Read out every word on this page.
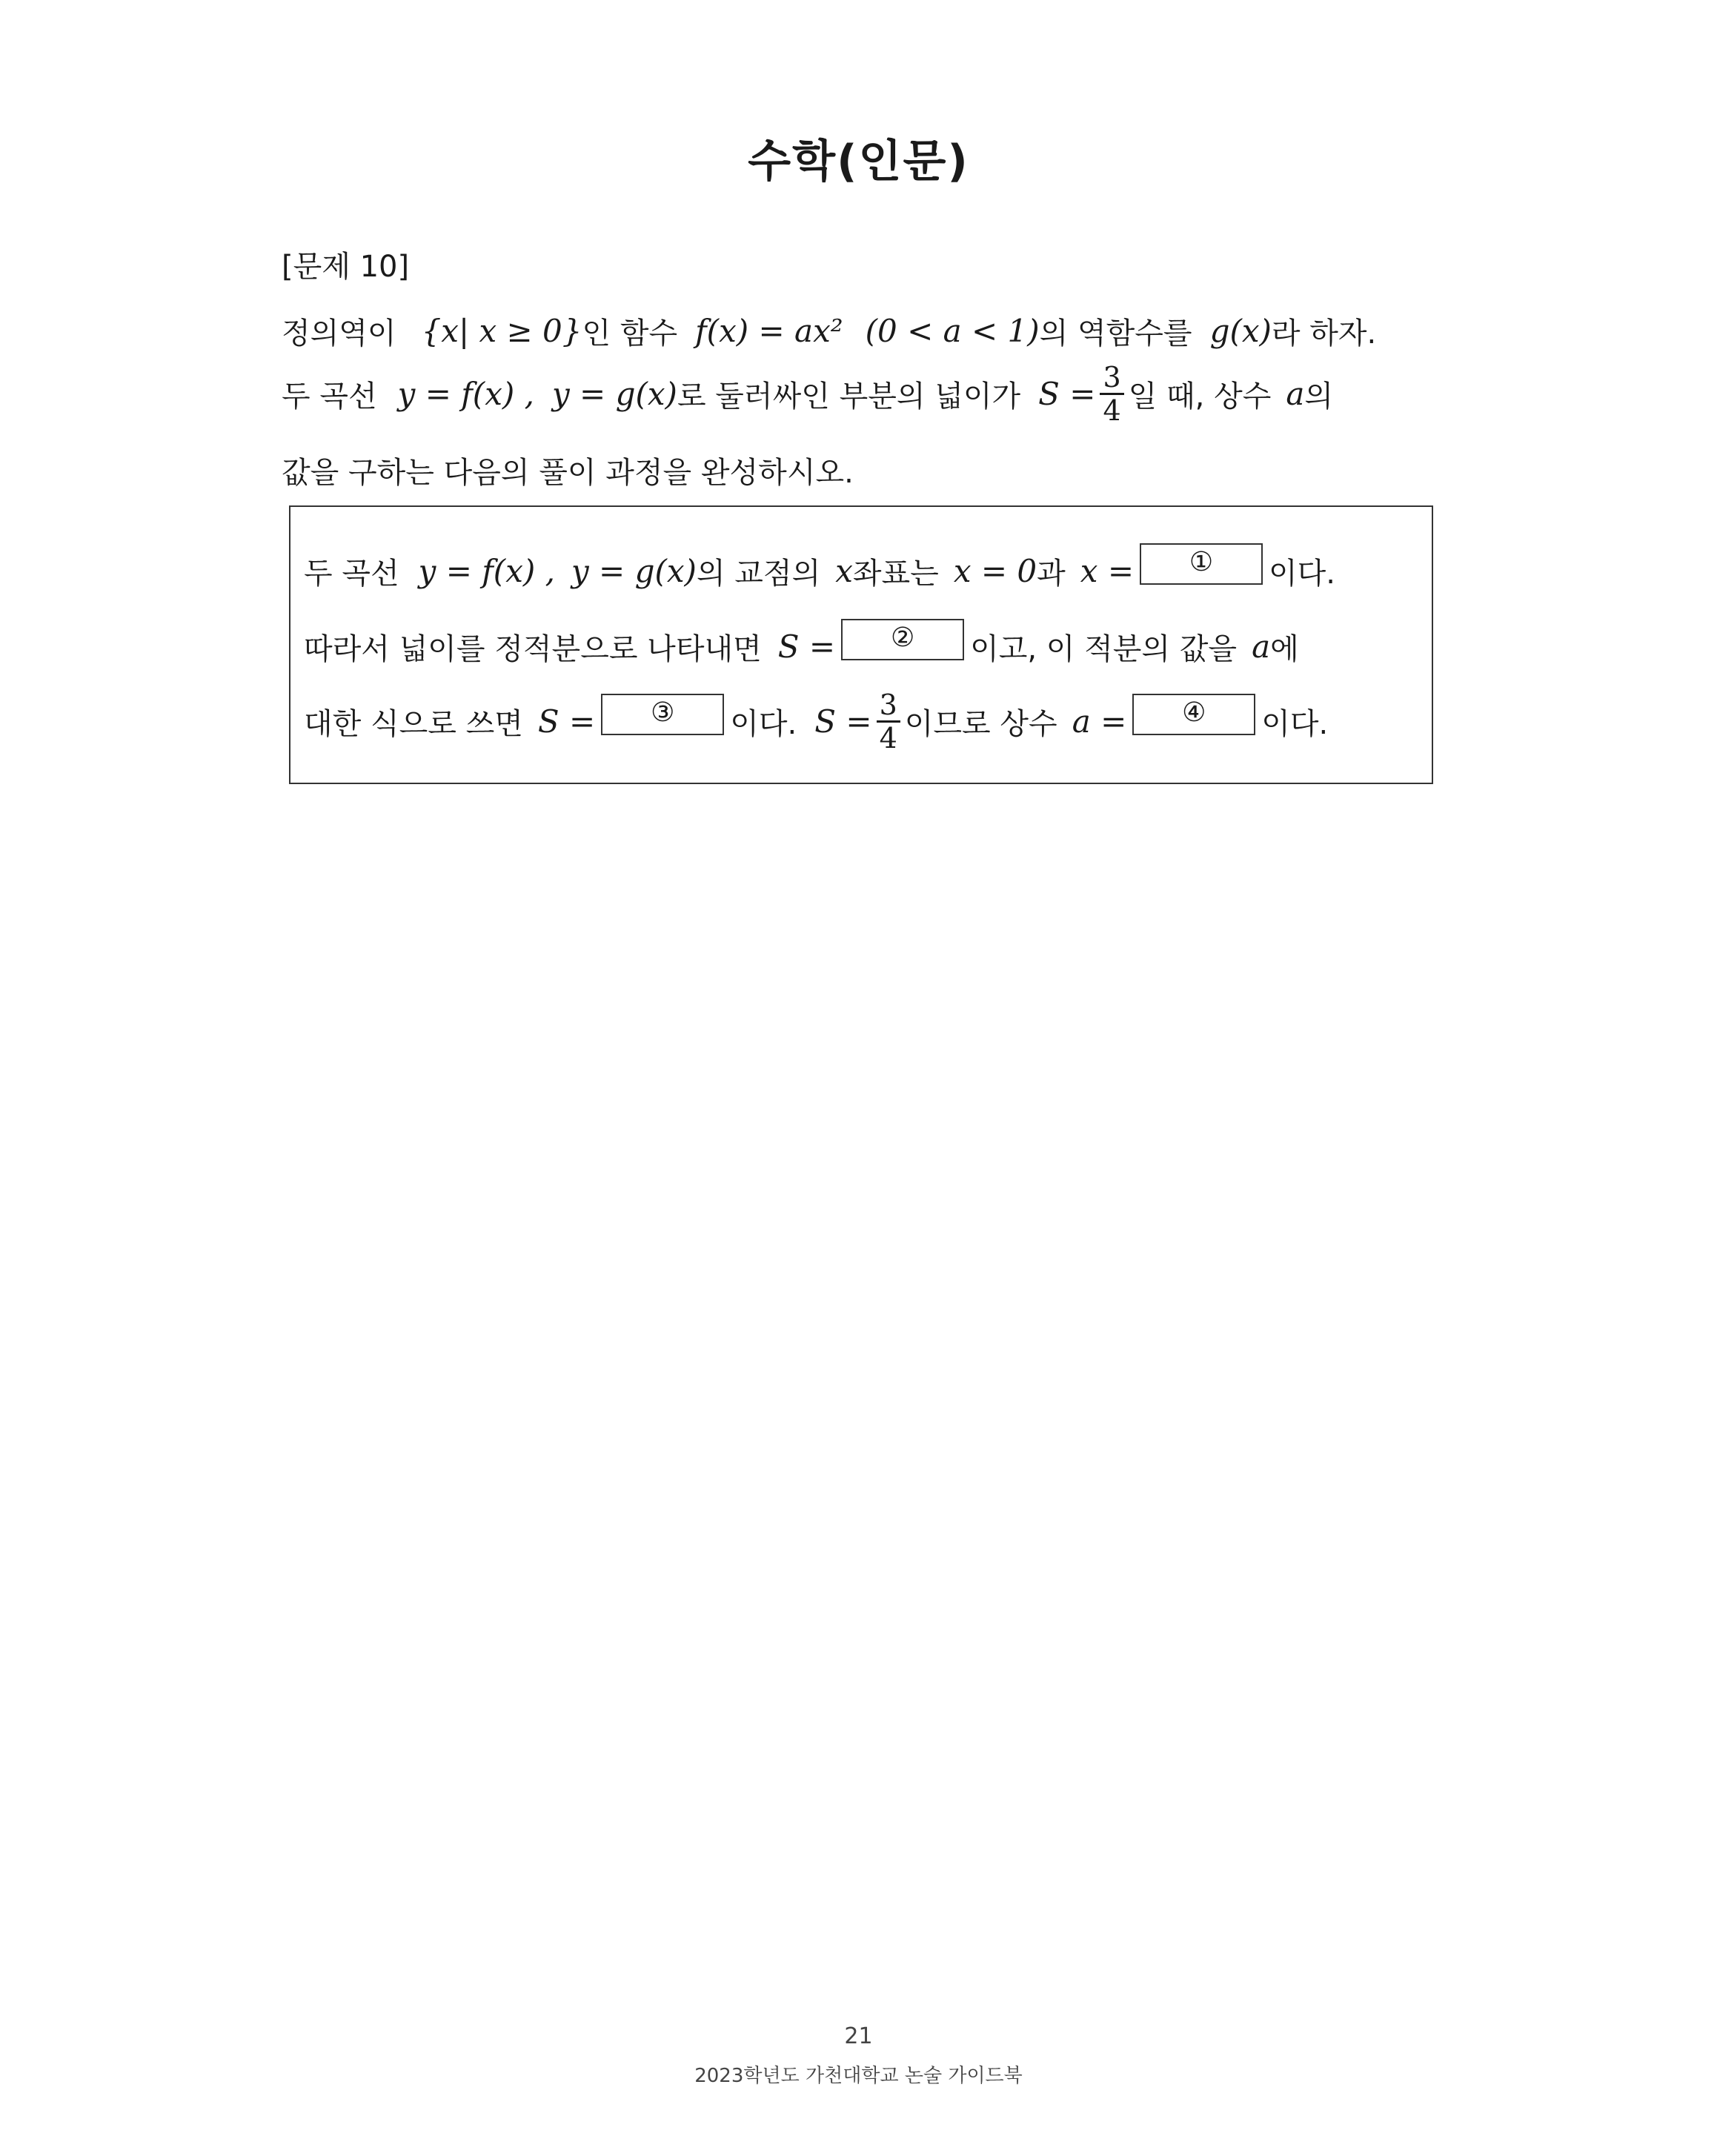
수학(인문)
[문제 10]
정의역이 {x| x ≥ 0} 인 함수 f(x) = ax² (0 < a < 1) 의 역함수를 g(x) 라 하자.
두 곡선 y = f(x) , y = g(x) 로 둘러싸인 부분의 넓이가 $S = \frac{3}{4}$ 일 때, 상수 a 의
값을 구하는 다음의 풀이 과정을 완성하시오.
두 곡선 y = f(x) , y = g(x) 의 교점의 x 좌표는 x = 0 과 x =	①	이다.
따라서 넓이를 정적분으로 나타내면 S =	②	이고, 이 적분의 값을 a 에
대한 식으로 쓰면 S =	③	이다. $S = \frac{3}{4}$ 이므로 상수 a =	④	이다.
21
2023학년도 가천대학교 논술 가이드북
